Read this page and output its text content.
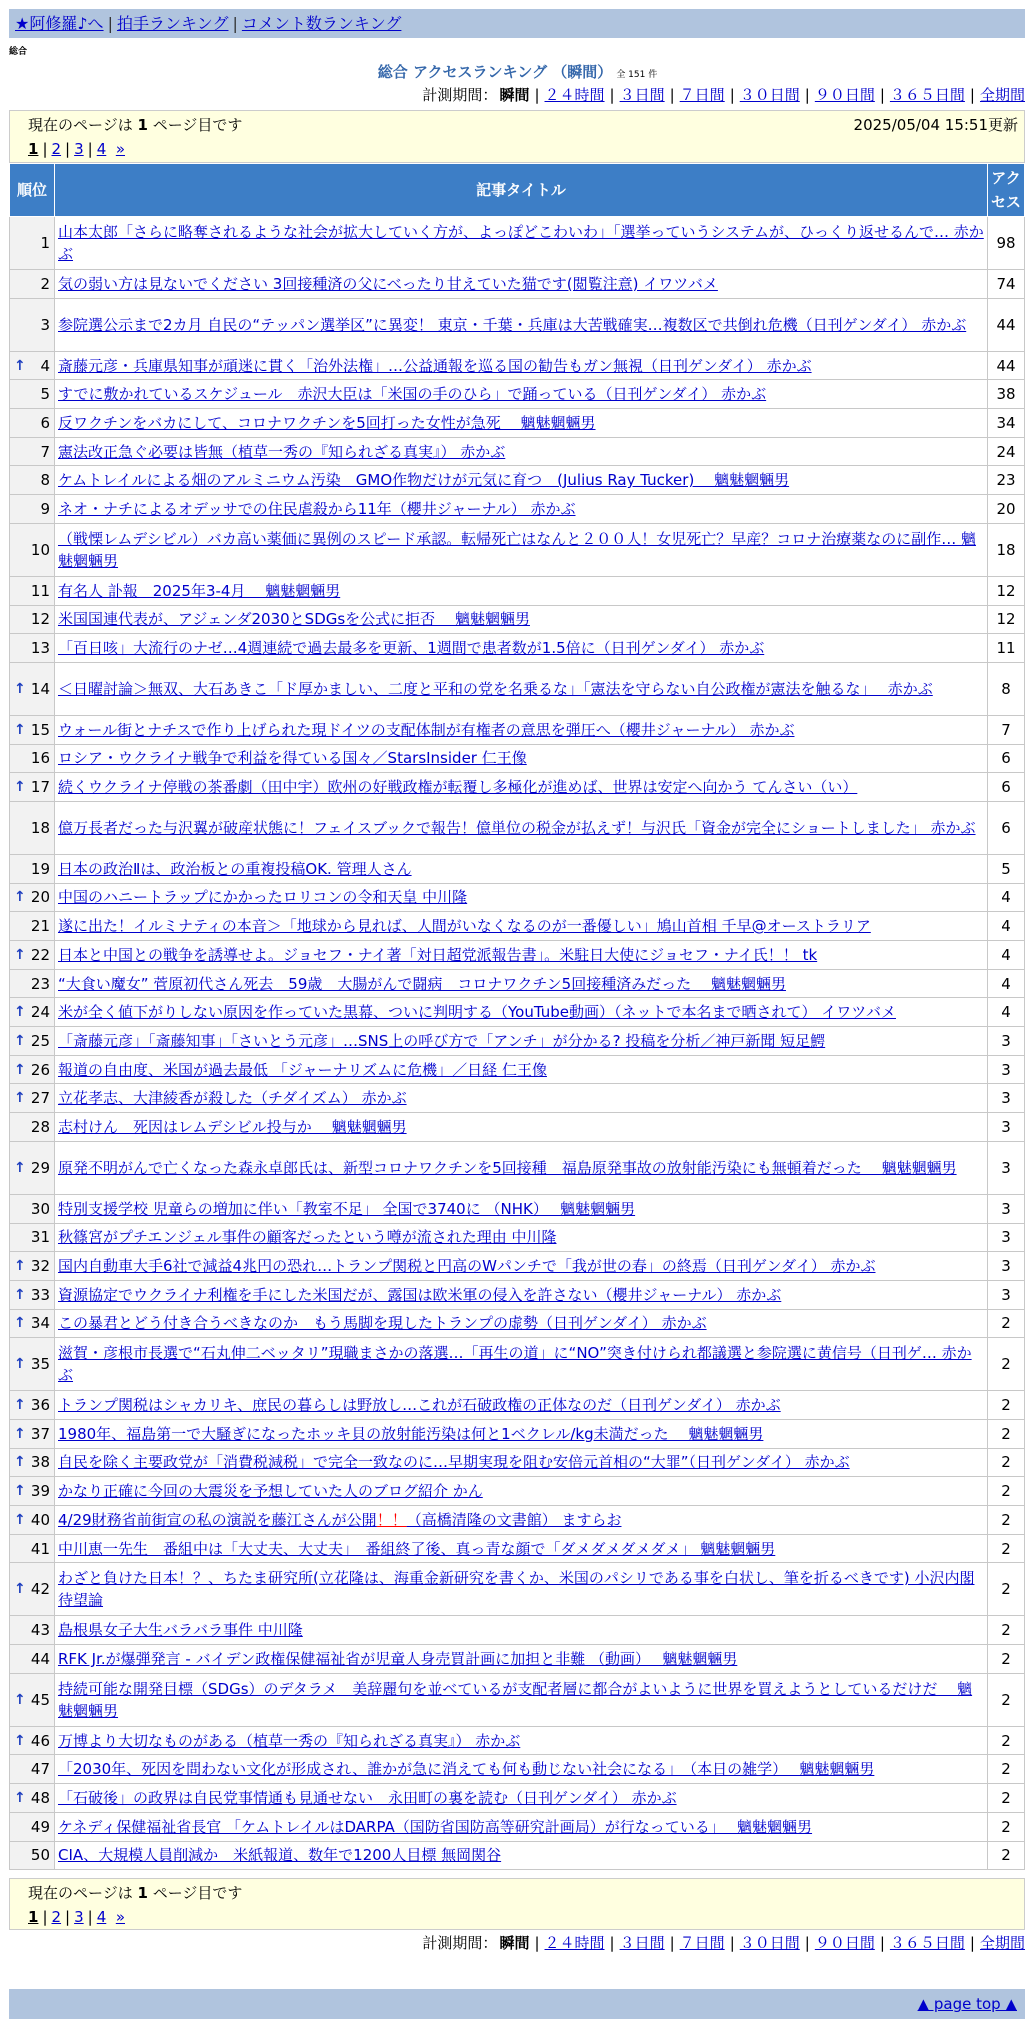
★阿修羅♪へ | 拍手ランキング | コメント数ランキング
総合
総合 アクセスランキング （瞬間） 全 151 件
計測期間： 瞬間 | ２４時間 | ３日間 | ７日間 | ３０日間 | ９０日間 | ３６５日間 | 全期間
現在のページは 1 ページ目です	2025/05/04 15:51更新
1 | 2 | 3 | 4 »
順位	記事タイトル	アクセス
1	山本太郎「さらに略奪されるような社会が拡大していく方が、よっぽどこわいわ」「選挙っていうシステムが、ひっくり返せるんで… 赤かぶ	98
2	気の弱い方は見ないでください 3回接種済の父にべったり甘えていた猫です(閲覧注意) イワツバメ	74
3	参院選公示まで2カ月 自民の“テッパン選挙区”に異変！ 東京・千葉・兵庫は大苦戦確実…複数区で共倒れ危機（日刊ゲンダイ） 赤かぶ	44

↑ 4	斎藤元彦・兵庫県知事が頑迷に貫く「治外法権」…公益通報を巡る国の勧告もガン無視（日刊ゲンダイ） 赤かぶ	44
5	すでに敷かれているスケジュール　赤沢大臣は「米国の手のひら」で踊っている（日刊ゲンダイ） 赤かぶ	38
6	反ワクチンをバカにして、コロナワクチンを5回打った女性が急死　 魑魅魍魎男	34
7	憲法改正急ぐ必要は皆無（植草一秀の『知られざる真実』） 赤かぶ	24
8	ケムトレイルによる畑のアルミニウム汚染　GMO作物だけが元気に育つ　(Julius Ray Tucker)　 魑魅魍魎男	23
9	ネオ・ナチによるオデッサでの住民虐殺から11年（櫻井ジャーナル） 赤かぶ	20
10	（戦慄レムデシビル）バカ高い薬価に異例のスピード承認。転帰死亡はなんと２００人！女児死亡？早産？コロナ治療薬なのに副作… 魑魅魍魎男	18
11	有名人 訃報　2025年3-4月　 魑魅魍魎男	12
12	米国国連代表が、アジェンダ2030とSDGsを公式に拒否　 魑魅魍魎男	12
13	「百日咳」大流行のナゼ…4週連続で過去最多を更新、1週間で患者数が1.5倍に（日刊ゲンダイ） 赤かぶ	11

↑ 14	＜日曜討論＞無双、大石あきこ「ド厚かましい、二度と平和の党を名乗るな」「憲法を守らない自公政権が憲法を触るな」　 赤かぶ	8

↑ 15	ウォール街とナチスで作り上げられた現ドイツの支配体制が有権者の意思を弾圧へ（櫻井ジャーナル） 赤かぶ	7
16	ロシア・ウクライナ戦争で利益を得ている国々／StarsInsider 仁王像	6

↑ 17	続くウクライナ停戦の茶番劇（田中宇）欧州の好戦政権が転覆し多極化が進めば、世界は安定へ向かう てんさい（い）	6
18	億万長者だった与沢翼が破産状態に！フェイスブックで報告！億単位の税金が払えず！与沢氏「資金が完全にショートしました」 赤かぶ	6
19	日本の政治Ⅱは、政治板との重複投稿OK. 管理人さん	5

↑ 20	中国のハニートラップにかかったロリコンの令和天皇 中川隆	4
21	遂に出た！イルミナティの本音＞「地球から見れば、人間がいなくなるのが一番優しい」鳩山首相 千早@オーストラリア	4

↑ 22	日本と中国との戦争を誘導せよ。ジョセフ・ナイ著「対日超党派報告書」。米駐日大使にジョセフ・ナイ氏！！ tk	4
23	“大食い魔女” 菅原初代さん死去　59歳　大腸がんで闘病　コロナワクチン5回接種済みだった　 魑魅魍魎男	4

↑ 24	米が全く値下がりしない原因を作っていた黒幕、ついに判明する（YouTube動画）（ネットで本名まで晒されて） イワツバメ	4

↑ 25	「斎藤元彦」「斎藤知事」「さいとう元彦」…SNS上の呼び方で「アンチ」が分かる? 投稿を分析／神戸新聞 短足鰐	3

↑ 26	報道の自由度、米国が過去最低 「ジャーナリズムに危機」／日経 仁王像	3

↑ 27	立花孝志、大津綾香が殺した（チダイズム） 赤かぶ	3
28	志村けん　死因はレムデシビル投与か　 魑魅魍魎男	3

↑ 29	原発不明がんで亡くなった森永卓郎氏は、新型コロナワクチンを5回接種　福島原発事故の放射能汚染にも無頓着だった　 魑魅魍魎男	3
30	特別支援学校 児童らの増加に伴い「教室不足」 全国で3740に （NHK）　 魑魅魍魎男	3
31	秋篠宮がプチエンジェル事件の顧客だったという噂が流された理由 中川隆	3

↑ 32	国内自動車大手6社で減益4兆円の恐れ…トランプ関税と円高のWパンチで「我が世の春」の終焉（日刊ゲンダイ） 赤かぶ	3

↑ 33	資源協定でウクライナ利権を手にした米国だが、露国は欧米軍の侵入を許さない（櫻井ジャーナル） 赤かぶ	3

↑ 34	この暴君とどう付き合うべきなのか　もう馬脚を現したトランプの虚勢（日刊ゲンダイ） 赤かぶ	2

↑ 35	滋賀・彦根市長選で“石丸伸二ベッタリ”現職まさかの落選…「再生の道」に“NO”突き付けられ都議選と参院選に黄信号（日刊ゲ… 赤かぶ	2

↑ 36	トランプ関税はシャカリキ、庶民の暮らしは野放し…これが石破政権の正体なのだ（日刊ゲンダイ） 赤かぶ	2

↑ 37	1980年、福島第一で大騒ぎになったホッキ貝の放射能汚染は何と1ベクレル/kg未満だった　 魑魅魍魎男	2

↑ 38	自民を除く主要政党が「消費税減税」で完全一致なのに…早期実現を阻む安倍元首相の“大罪”（日刊ゲンダイ） 赤かぶ	2

↑ 39	かなり正確に今回の大震災を予想していた人のブログ紹介 かん	2

↑ 40	4/29財務省前街宣の私の演説を藤江さんが公開！！（高橋清隆の文書館） ますらお	2
41	中川恵一先生　番組中は「大丈夫、大丈夫」　番組終了後、真っ青な顔で「ダメダメダメダメ」 魑魅魍魎男	2

↑ 42	わざと負けた日本！？、ちたま研究所(立花隆は、海重金新研究を書くか、米国のパシリである事を白状し、筆を折るべきです) 小沢内閣待望論	2
43	島根県女子大生バラバラ事件 中川隆	2
44	RFK Jr.が爆弾発言 - バイデン政権保健福祉省が児童人身売買計画に加担と非難 （動画）　 魑魅魍魎男	2

↑ 45	持続可能な開発目標（SDGs）のデタラメ　美辞麗句を並べているが支配者層に都合がよいように世界を買えようとしているだけだ　 魑魅魍魎男	2

↑ 46	万博より大切なものがある（植草一秀の『知られざる真実』） 赤かぶ	2
47	「2030年、死因を問わない文化が形成され、誰かが急に消えても何も動じない社会になる」　（本日の雑学）　 魑魅魍魎男	2

↑ 48	「石破後」の政界は自民党事情通も見通せない　永田町の裏を読む（日刊ゲンダイ） 赤かぶ	2
49	ケネディ保健福祉省長官 「ケムトレイルはDARPA（国防省国防高等研究計画局）が行なっている」　 魑魅魍魎男	2
50	CIA、大規模人員削減か　米紙報道、数年で1200人目標 無岡関谷	2
現在のページは 1 ページ目です
1 | 2 | 3 | 4 »
計測期間： 瞬間 | ２４時間 | ３日間 | ７日間 | ３０日間 | ９０日間 | ３６５日間 | 全期間
▲ page top ▲
